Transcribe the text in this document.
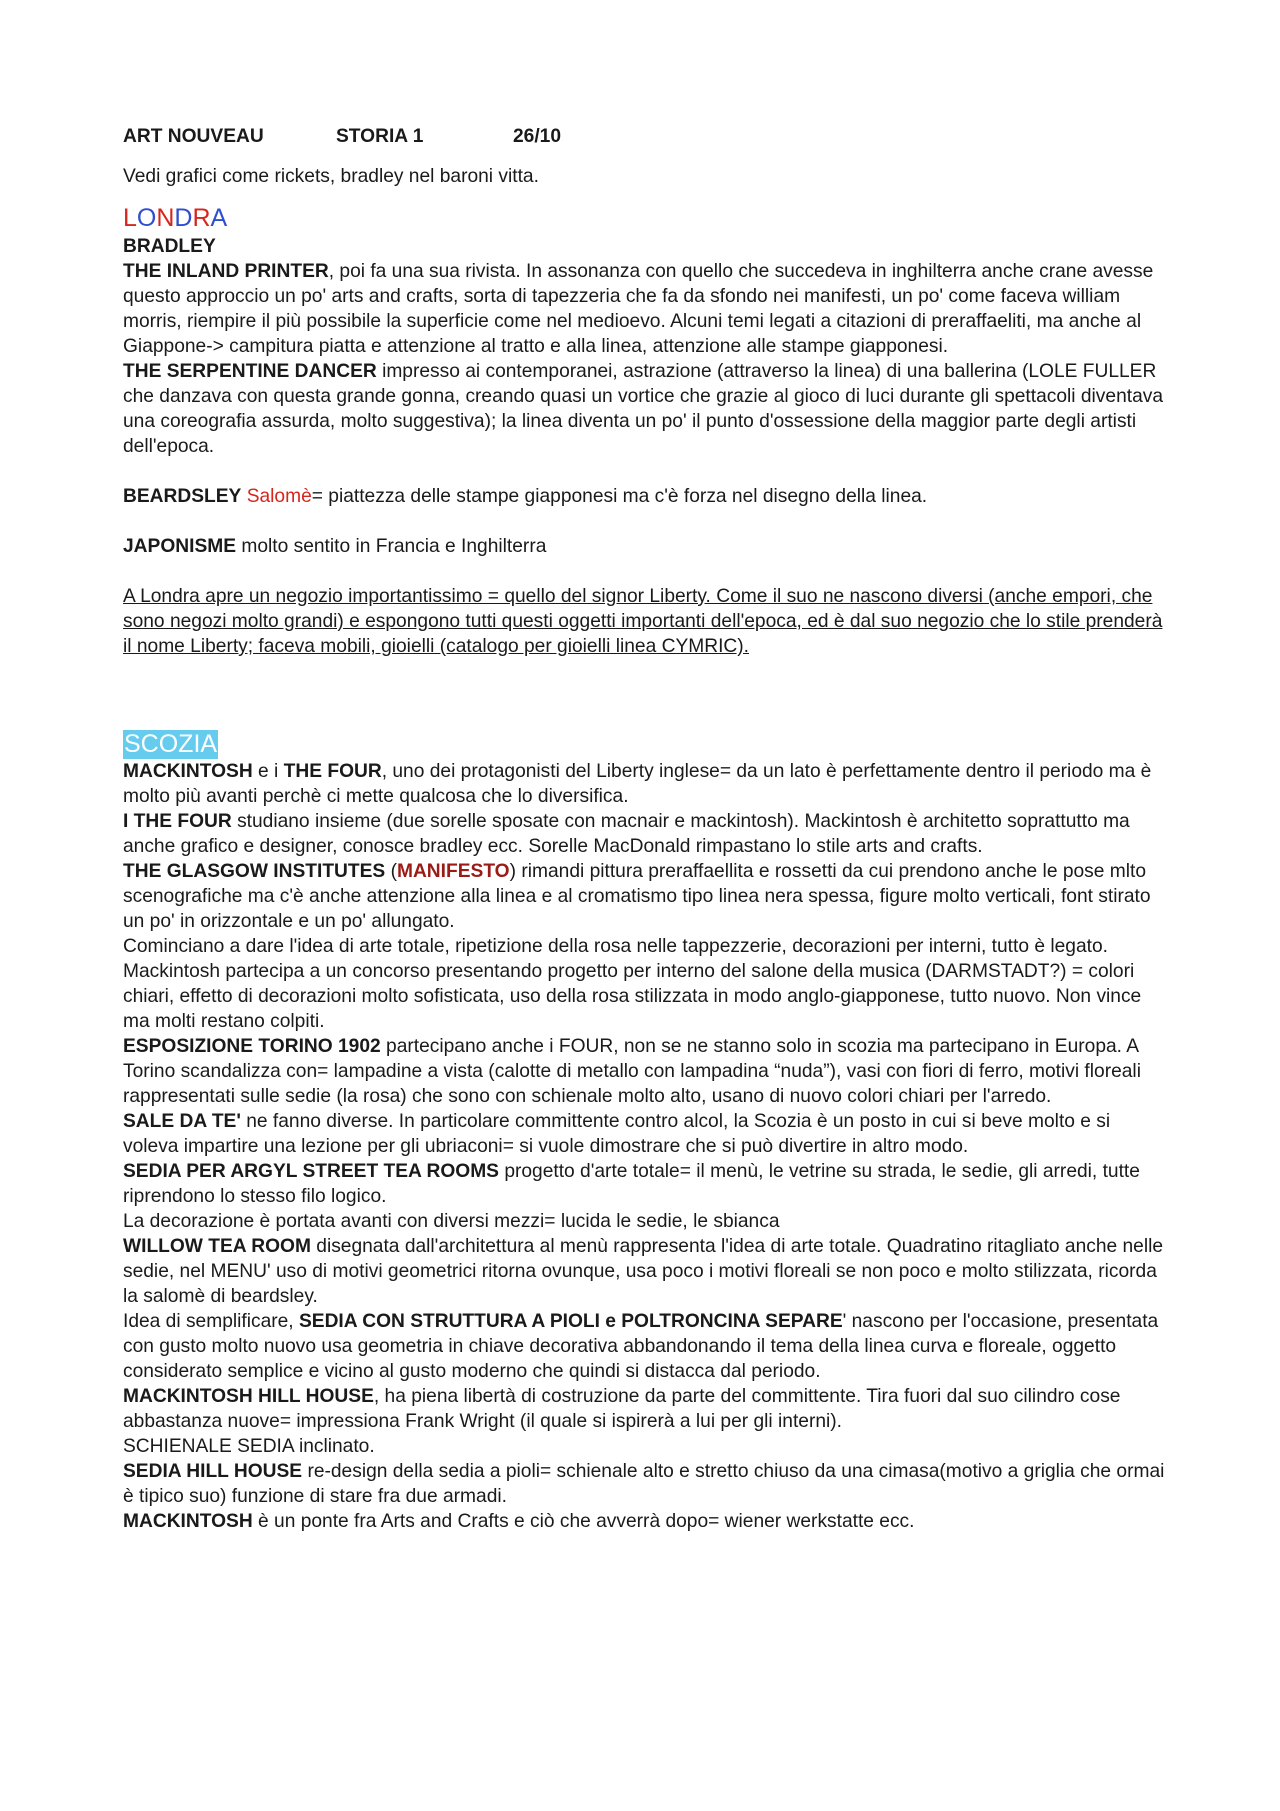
ART NOUVEAU	STORIA 1	26/10

Vedi grafici come rickets, bradley nel baroni vitta.

LONDRA

BRADLEY

THE INLAND PRINTER, poi fa una sua rivista. In assonanza con quello che succedeva in inghilterra anche crane avesse questo approccio un po' arts and crafts, sorta di tapezzeria che fa da sfondo nei manifesti, un po' come faceva william morris, riempire il più possibile la superficie come nel medioevo. Alcuni temi legati a citazioni di preraffaeliti, ma anche al Giappone-> campitura piatta e attenzione al tratto e alla linea, attenzione alle stampe giapponesi.

THE SERPENTINE DANCER impresso ai contemporanei, astrazione (attraverso la linea) di una ballerina (LOLE FULLER che danzava con questa grande gonna, creando quasi un vortice che grazie al gioco di luci durante gli spettacoli diventava una coreografia assurda, molto suggestiva); la linea diventa un po' il punto d'ossessione della maggior parte degli artisti dell'epoca.

BEARDSLEY Salomè= piattezza delle stampe giapponesi ma c'è forza nel disegno della linea.

JAPONISME molto sentito in Francia e Inghilterra

A Londra apre un negozio importantissimo = quello del signor Liberty. Come il suo ne nascono diversi (anche empori, che sono negozi molto grandi) e espongono tutti questi oggetti importanti dell'epoca, ed è dal suo negozio che lo stile prenderà il nome Liberty; faceva mobili, gioielli (catalogo per gioielli linea CYMRIC).

SCOZIA

MACKINTOSH e i THE FOUR, uno dei protagonisti del Liberty inglese= da un lato è perfettamente dentro il periodo ma è molto più avanti perchè ci mette qualcosa che lo diversifica.

I THE FOUR studiano insieme (due sorelle sposate con macnair e mackintosh). Mackintosh è architetto soprattutto ma anche grafico e designer, conosce bradley ecc. Sorelle MacDonald rimpastano lo stile arts and crafts.

THE GLASGOW INSTITUTES (MANIFESTO) rimandi pittura preraffaellita e rossetti da cui prendono anche le pose mlto scenografiche ma c'è anche attenzione alla linea e al cromatismo tipo linea nera spessa, figure molto verticali, font stirato un po' in orizzontale e un po' allungato.

Cominciano a dare l'idea di arte totale, ripetizione della rosa nelle tappezzerie, decorazioni per interni, tutto è legato.

Mackintosh partecipa a un concorso presentando progetto per interno del salone della musica (DARMSTADT?) = colori chiari, effetto di decorazioni molto sofisticata, uso della rosa stilizzata in modo anglo-giapponese, tutto nuovo. Non vince ma molti restano colpiti.

ESPOSIZIONE TORINO 1902 partecipano anche i FOUR, non se ne stanno solo in scozia ma partecipano in Europa. A Torino scandalizza con= lampadine a vista (calotte di metallo con lampadina “nuda”), vasi con fiori di ferro, motivi floreali rappresentati sulle sedie (la rosa) che sono con schienale molto alto, usano di nuovo colori chiari per l'arredo.

SALE DA TE' ne fanno diverse. In particolare committente contro alcol, la Scozia è un posto in cui si beve molto e si voleva impartire una lezione per gli ubriaconi= si vuole dimostrare che si può divertire in altro modo.

SEDIA PER ARGYL STREET TEA ROOMS progetto d'arte totale= il menù, le vetrine su strada, le sedie, gli arredi, tutte riprendono lo stesso filo logico.

La decorazione è portata avanti con diversi mezzi= lucida le sedie, le sbianca

WILLOW TEA ROOM disegnata dall'architettura al menù rappresenta l'idea di arte totale. Quadratino ritagliato anche nelle sedie, nel MENU' uso di motivi geometrici ritorna ovunque, usa poco i motivi floreali se non poco e molto stilizzata, ricorda la salomè di beardsley.

Idea di semplificare, SEDIA CON STRUTTURA A PIOLI e POLTRONCINA SEPARE' nascono per l'occasione, presentata con gusto molto nuovo usa geometria in chiave decorativa abbandonando il tema della linea curva e floreale, oggetto considerato semplice e vicino al gusto moderno che quindi si distacca dal periodo.

MACKINTOSH HILL HOUSE, ha piena libertà di costruzione da parte del committente. Tira fuori dal suo cilindro cose abbastanza nuove= impressiona Frank Wright (il quale si ispirerà a lui per gli interni).

SCHIENALE SEDIA inclinato.

SEDIA HILL HOUSE re-design della sedia a pioli= schienale alto e stretto chiuso da una cimasa(motivo a griglia che ormai è tipico suo) funzione di stare fra due armadi.

MACKINTOSH è un ponte fra Arts and Crafts e ciò che avverrà dopo= wiener werkstatte ecc.
